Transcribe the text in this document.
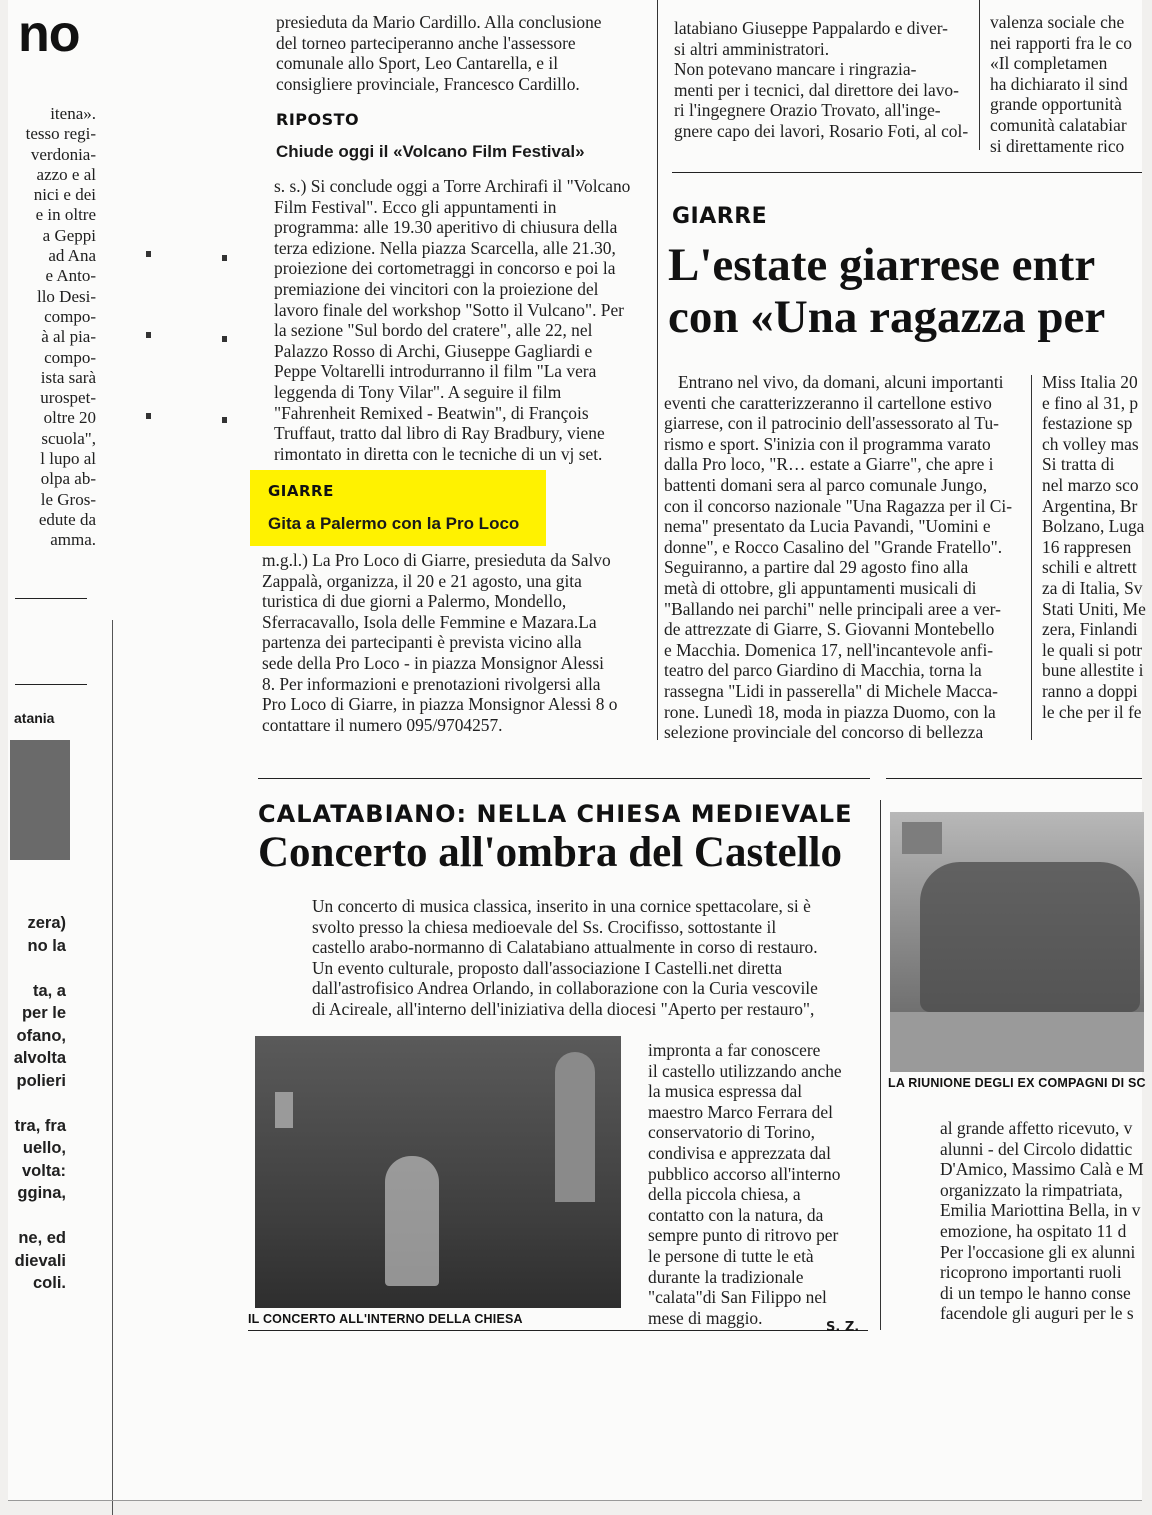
no
itena».
tesso regi-
verdonia-
azzo e al
nici e dei
e in oltre
a Geppi
ad Ana
e Anto-
llo Desi-
compo-
à al pia-
compo-
ista sarà
urospet-
oltre 20
scuola",
l lupo al
olpa ab-
le Gros-
edute da
amma.
atania
zera)
no la

ta, a
per le
ofano,
alvolta
polieri

tra, fra
uello,
volta:
ggina,

ne, ed
dievali
coli.
presieduta da Mario Cardillo. Alla conclusione
del torneo parteciperanno anche l'assessore
comunale allo Sport, Leo Cantarella, e il
consigliere provinciale, Francesco Cardillo.
RIPOSTO
Chiude oggi il «Volcano Film Festival»
s. s.) Si conclude oggi a Torre Archirafi il "Volcano
Film Festival". Ecco gli appuntamenti in
programma: alle 19.30 aperitivo di chiusura della
terza edizione. Nella piazza Scarcella, alle 21.30,
proiezione dei cortometraggi in concorso e poi la
premiazione dei vincitori con la proiezione del
lavoro finale del workshop "Sotto il Vulcano". Per
la sezione "Sul bordo del cratere", alle 22, nel
Palazzo Rosso di Archi, Giuseppe Gagliardi e
Peppe Voltarelli introdurranno il film "La vera
leggenda di Tony Vilar". A seguire il film
"Fahrenheit Remixed - Beatwin", di François
Truffaut, tratto dal libro di Ray Bradbury, viene
rimontato in diretta con le tecniche di un vj set.
GIARRE
Gita a Palermo con la Pro Loco
m.g.l.) La Pro Loco di Giarre, presieduta da Salvo
Zappalà, organizza, il 20 e 21 agosto, una gita
turistica di due giorni a Palermo, Mondello,
Sferracavallo, Isola delle Femmine e Mazara.La
partenza dei partecipanti è prevista vicino alla
sede della Pro Loco - in piazza Monsignor Alessi
8. Per informazioni e prenotazioni rivolgersi alla
Pro Loco di Giarre, in piazza Monsignor Alessi 8 o
contattare il numero 095/9704257.
latabiano Giuseppe Pappalardo e diver-
si altri amministratori.
Non potevano mancare i ringrazia-
menti per i tecnici, dal direttore dei lavo-
ri l'ingegnere Orazio Trovato, all'inge-
gnere capo dei lavori, Rosario Foti, al col-
valenza sociale che
nei rapporti fra le co
«Il completamen
ha dichiarato il sind
grande opportunità
comunità calatabiar
si direttamente rico
GIARRE
L'estate giarrese entr
con «Una ragazza per
Entrano nel vivo, da domani, alcuni importanti
eventi che caratterizzeranno il cartellone estivo
giarrese, con il patrocinio dell'assessorato al Tu-
rismo e sport. S'inizia con il programma varato
dalla Pro loco, "R… estate a Giarre", che apre i
battenti domani sera al parco comunale Jungo,
con il concorso nazionale "Una Ragazza per il Ci-
nema" presentato da Lucia Pavandi, "Uomini e
donne", e Rocco Casalino del "Grande Fratello".
Seguiranno, a partire dal 29 agosto fino alla
metà di ottobre, gli appuntamenti musicali di
"Ballando nei parchi" nelle principali aree a ver-
de attrezzate di Giarre, S. Giovanni Montebello
e Macchia. Domenica 17, nell'incantevole anfi-
teatro del parco Giardino di Macchia, torna la
rassegna "Lidi in passerella" di Michele Macca-
rone. Lunedì 18, moda in piazza Duomo, con la
selezione provinciale del concorso di bellezza
Miss Italia 20
e fino al 31, p
festazione sp
ch volley mas
Si tratta di
nel marzo sco
Argentina, Br
Bolzano, Luga
16 rappresen
schili e altrett
za di Italia, Sv
Stati Uniti, Me
zera, Finlandi
le quali si potr
bune allestite i
ranno a doppi
le che per il fe
CALATABIANO: NELLA CHIESA MEDIEVALE
Concerto all'ombra del Castello
Un concerto di musica classica, inserito in una cornice spettacolare, si è
svolto presso la chiesa medioevale del Ss. Crocifisso, sottostante il
castello arabo-normanno di Calatabiano attualmente in corso di restauro.
Un evento culturale, proposto dall'associazione I Castelli.net diretta
dall'astrofisico Andrea Orlando, in collaborazione con la Curia vescovile
di Acireale, all'interno dell'iniziativa della diocesi "Aperto per restauro",
IL CONCERTO ALL'INTERNO DELLA CHIESA
impronta a far conoscere
il castello utilizzando anche
la musica espressa dal
maestro Marco Ferrara del
conservatorio di Torino,
condivisa e apprezzata dal
pubblico accorso all'interno
della piccola chiesa, a
contatto con la natura, da
sempre punto di ritrovo per
le persone di tutte le età
durante la tradizionale
"calata"di San Filippo nel
mese di maggio.	S. Z.
LA RIUNIONE DEGLI EX COMPAGNI DI SC
al grande affetto ricevuto, v
alunni - del Circolo didattic
D'Amico, Massimo Calà e M
organizzato la rimpatriata,
Emilia Mariottina Bella, in v
emozione, ha ospitato 11 d
Per l'occasione gli ex alunni
ricoprono importanti ruoli
di un tempo le hanno conse
facendole gli auguri per le s
